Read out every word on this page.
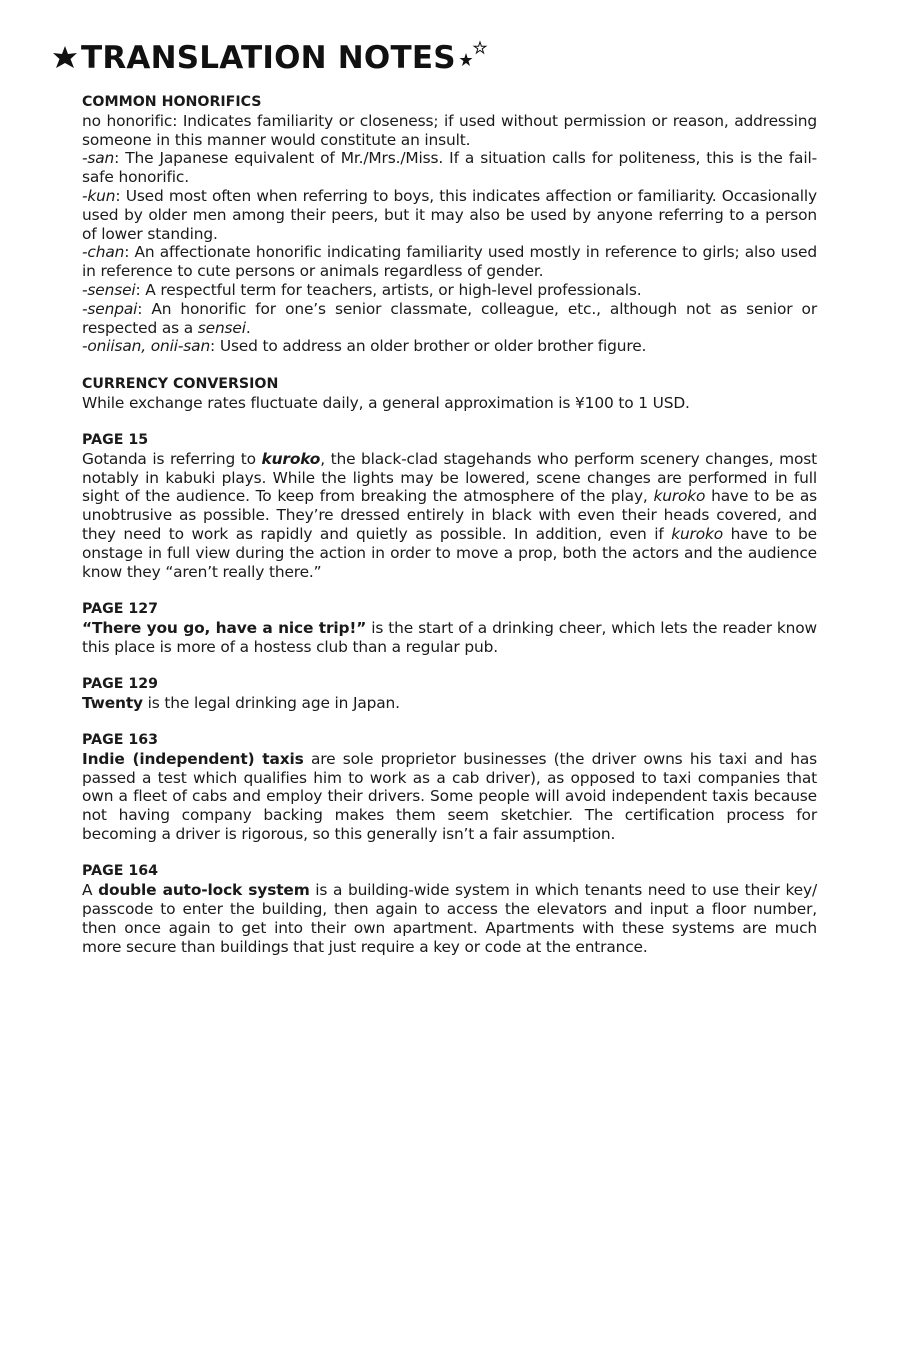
TRANSLATION NOTES
COMMON HONORIFICS
no honorific: Indicates familiarity or closeness; if used without permission or reason, addressing someone in this manner would constitute an insult.
-san: The Japanese equivalent of Mr./Mrs./Miss. If a situation calls for politeness, this is the fail-safe honorific.
-kun: Used most often when referring to boys, this indicates affection or familiarity. Occasionally used by older men among their peers, but it may also be used by anyone referring to a person of lower standing.
-chan: An affectionate honorific indicating familiarity used mostly in reference to girls; also used in reference to cute persons or animals regardless of gender.
-sensei: A respectful term for teachers, artists, or high-level professionals.
-senpai: An honorific for one’s senior classmate, colleague, etc., although not as senior or respected as a sensei.
-oniisan, onii-san: Used to address an older brother or older brother figure.
CURRENCY CONVERSION
While exchange rates fluctuate daily, a general approximation is ¥100 to 1 USD.
PAGE 15
Gotanda is referring to kuroko, the black-clad stagehands who perform scenery changes, most notably in kabuki plays. While the lights may be lowered, scene changes are performed in full sight of the audience. To keep from breaking the atmosphere of the play, kuroko have to be as unobtrusive as possible. They’re dressed entirely in black with even their heads covered, and they need to work as rapidly and quietly as possible. In addition, even if kuroko have to be onstage in full view during the action in order to move a prop, both the actors and the audience know they “aren’t really there.”
PAGE 127
“There you go, have a nice trip!” is the start of a drinking cheer, which lets the reader know this place is more of a hostess club than a regular pub.
PAGE 129
Twenty is the legal drinking age in Japan.
PAGE 163
Indie (independent) taxis are sole proprietor businesses (the driver owns his taxi and has passed a test which qualifies him to work as a cab driver), as opposed to taxi companies that own a fleet of cabs and employ their drivers. Some people will avoid independent taxis because not having company backing makes them seem sketchier. The certification process for becoming a driver is rigorous, so this generally isn’t a fair assumption.
PAGE 164
A double auto-lock system is a building-wide system in which tenants need to use their key/ passcode to enter the building, then again to access the elevators and input a floor number, then once again to get into their own apartment. Apartments with these systems are much more secure than buildings that just require a key or code at the entrance.
